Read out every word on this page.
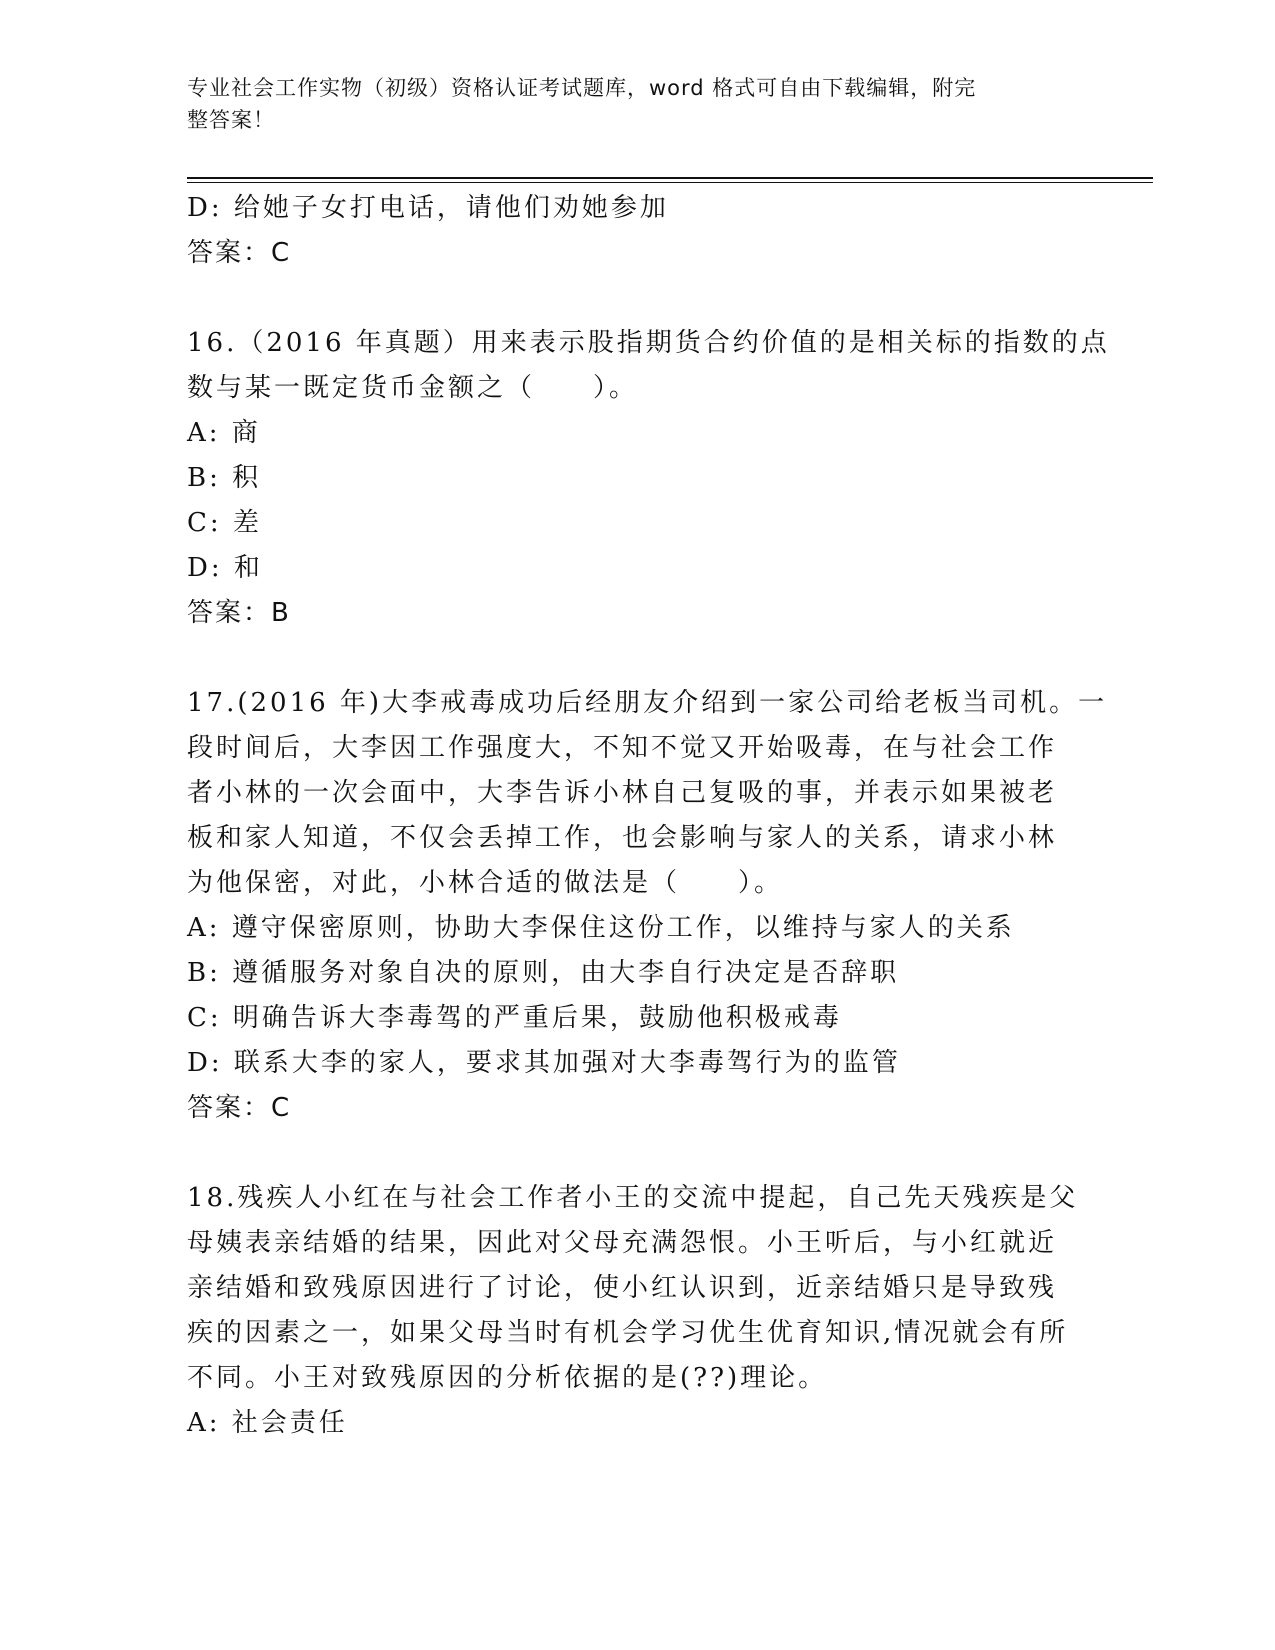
专业社会工作实物（初级）资格认证考试题库，word 格式可自由下载编辑，附完
整答案！
D: 给她子女打电话，请他们劝她参加
答案：C
16.（2016 年真题）用来表示股指期货合约价值的是相关标的指数的点
数与某一既定货币金额之（　　）。
A: 商
B: 积
C: 差
D: 和
答案：B
17.(2016 年)大李戒毒成功后经朋友介绍到一家公司给老板当司机。一
段时间后，大李因工作强度大，不知不觉又开始吸毒，在与社会工作
者小林的一次会面中，大李告诉小林自己复吸的事，并表示如果被老
板和家人知道，不仅会丢掉工作，也会影响与家人的关系，请求小林
为他保密，对此，小林合适的做法是（　　）。
A: 遵守保密原则，协助大李保住这份工作，以维持与家人的关系
B: 遵循服务对象自决的原则，由大李自行决定是否辞职
C: 明确告诉大李毒驾的严重后果，鼓励他积极戒毒
D: 联系大李的家人，要求其加强对大李毒驾行为的监管
答案：C
18.残疾人小红在与社会工作者小王的交流中提起，自己先天残疾是父
母姨表亲结婚的结果，因此对父母充满怨恨。小王听后，与小红就近
亲结婚和致残原因进行了讨论，使小红认识到，近亲结婚只是导致残
疾的因素之一，如果父母当时有机会学习优生优育知识,情况就会有所
不同。小王对致残原因的分析依据的是(??)理论。
A: 社会责任
